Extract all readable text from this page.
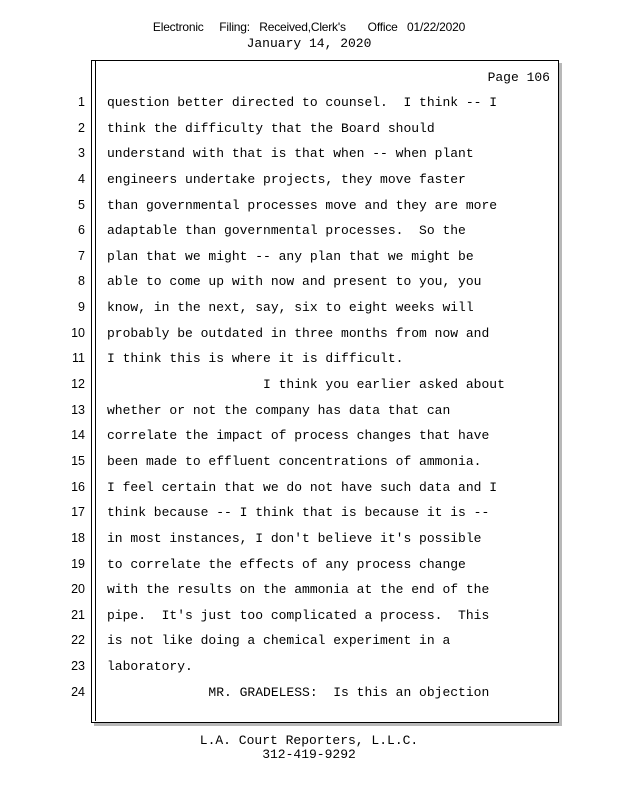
Electronic     Filing:   Received,Clerk's       Office   01/22/2020
January 14, 2020
Page 106
1
2
3
4
5
6
7
8
9
10
11
12
13
14
15
16
17
18
19
20
21
22
23
24
question better directed to counsel.  I think -- I
think the difficulty that the Board should
understand with that is that when -- when plant
engineers undertake projects, they move faster
than governmental processes move and they are more
adaptable than governmental processes.  So the
plan that we might -- any plan that we might be
able to come up with now and present to you, you
know, in the next, say, six to eight weeks will
probably be outdated in three months from now and
I think this is where it is difficult.
I think you earlier asked about
whether or not the company has data that can
correlate the impact of process changes that have
been made to effluent concentrations of ammonia.
I feel certain that we do not have such data and I
think because -- I think that is because it is --
in most instances, I don't believe it's possible
to correlate the effects of any process change
with the results on the ammonia at the end of the
pipe.  It's just too complicated a process.  This
is not like doing a chemical experiment in a
laboratory.
MR. GRADELESS:  Is this an objection
L.A. Court Reporters, L.L.C.
312-419-9292
